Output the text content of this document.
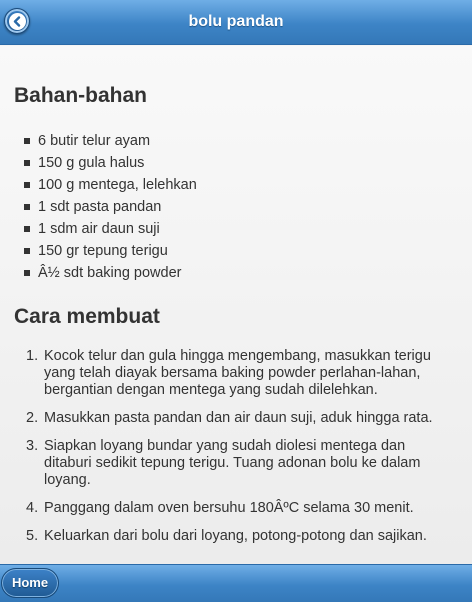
bolu pandan
Bahan-bahan
6 butir telur ayam
150 g gula halus
100 g mentega, lelehkan
1 sdt pasta pandan
1 sdm air daun suji
150 gr tepung terigu
Â½ sdt baking powder
Cara membuat
1. Kocok telur dan gula hingga mengembang, masukkan terigu yang telah diayak bersama baking powder perlahan-lahan, bergantian dengan mentega yang sudah dilelehkan.
2. Masukkan pasta pandan dan air daun suji, aduk hingga rata.
3. Siapkan loyang bundar yang sudah diolesi mentega dan ditaburi sedikit tepung terigu. Tuang adonan bolu ke dalam loyang.
4. Panggang dalam oven bersuhu 180ÂºC selama 30 menit.
5. Keluarkan dari bolu dari loyang, potong-potong dan sajikan.
Home
